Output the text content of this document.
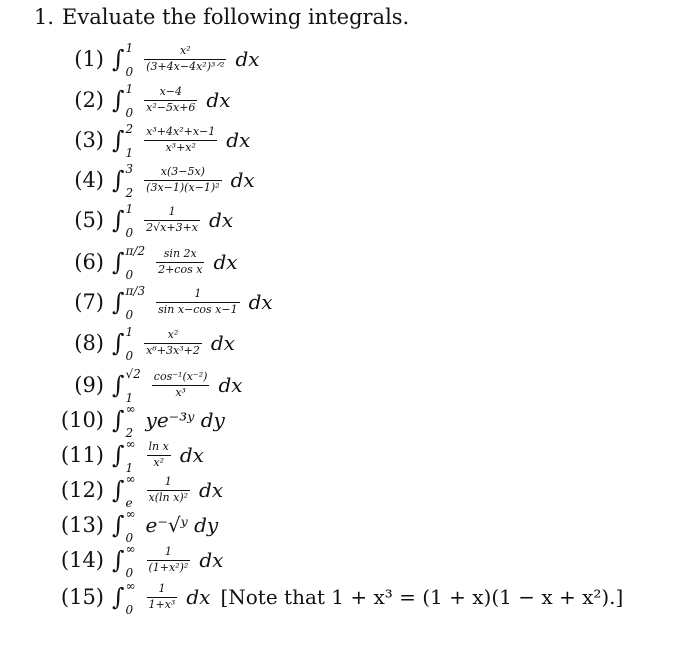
1. Evaluate the following integrals.
(1) ∫ 1
$0 \frac{\text{x²}}{\text{(3+4x−4x²)³ᐟ²}}$ dx
(2) ∫ 1
$0 \frac{x-4}{\text{x²−5x+6}}$ dx
(3) ∫ 2
$1 \frac{\text{x³+4x²+x−1}}{\text{x³+x²}}$ dx
(4) ∫ 3
$2 \frac{x(3-5x)}{\text{(3x−1)(x−1)²}}$ dx
(5) ∫ 1
$0 \frac{1}{2√x+3+x}$ dx
(6) ∫ π/2
0	$\frac{\sin 2x}{\text{2+cos x}}$ dx
(7) ∫ π/3
0	$\frac{1}{\text{sin x−cos x−1}}$ dx
(8) ∫ 1
$0 \frac{\text{x²}}{\text{x⁶+3x³+2}}$ dx
(9) ∫ √2
1	$\frac{\text{cos⁻¹(x⁻²)}}{\text{x³}}$ dx
(10) ∫ ∞
2
ye⁻³ʸ dy
(11) ∫ ∞
$1 \frac{\text{ln x}}{\text{x²}}$ dx
(12) ∫ ∞
e $\frac{1}{\text{x(ln x)²}}$ dx
(13) ∫ ∞
0
e⁻√ʸ dy
(14) ∫ ∞
$0 \frac{1}{\text{(1+x²)²}}$ dx
(15) ∫ ∞
$0 \frac{1}{\text{1+x³}}$ dx [Note that 1 + x³ = (1 + x)(1 − x + x²).]
